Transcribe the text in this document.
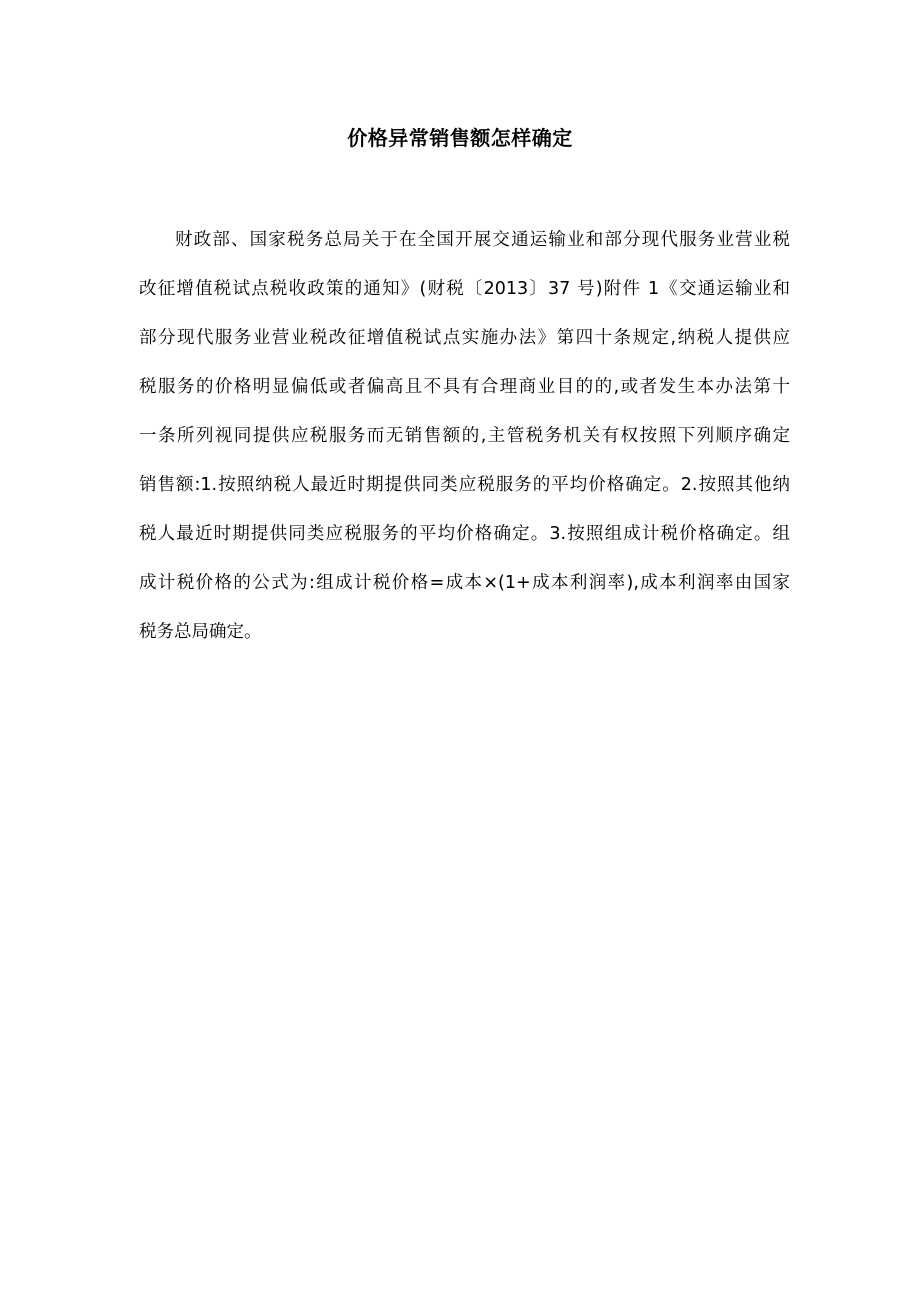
价格异常销售额怎样确定
财政部、国家税务总局关于在全国开展交通运输业和部分现代服务业营业税
改征增值税试点税收政策的通知》(财税〔2013〕37 号)附件 1《交通运输业和
部分现代服务业营业税改征增值税试点实施办法》第四十条规定,纳税人提供应
税服务的价格明显偏低或者偏高且不具有合理商业目的的,或者发生本办法第十
一条所列视同提供应税服务而无销售额的,主管税务机关有权按照下列顺序确定
销售额:1.按照纳税人最近时期提供同类应税服务的平均价格确定。2.按照其他纳
税人最近时期提供同类应税服务的平均价格确定。3.按照组成计税价格确定。组
成计税价格的公式为:组成计税价格=成本×(1+成本利润率),成本利润率由国家
税务总局确定。
